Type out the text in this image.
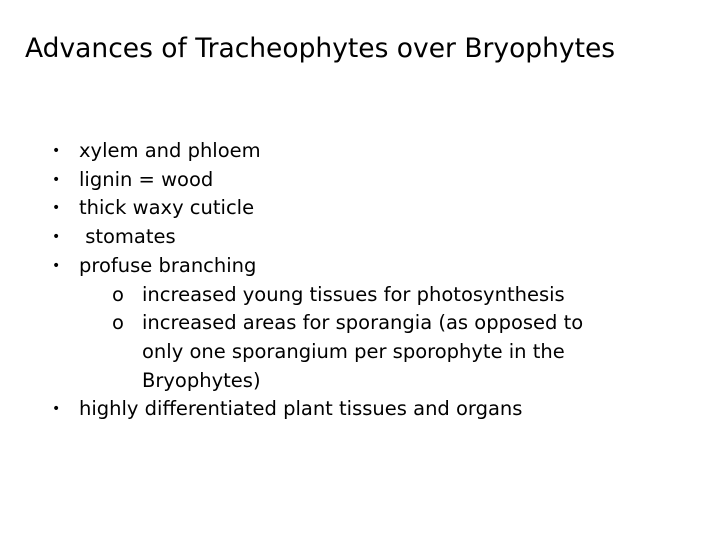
Advances of Tracheophytes over Bryophytes
• xylem and phloem
• lignin = wood
• thick waxy cuticle
• stomates
• profuse branching
o increased young tissues for photosynthesis
o increased areas for sporangia (as opposed to
only one sporangium per sporophyte in the
Bryophytes)
• highly differentiated plant tissues and organs
